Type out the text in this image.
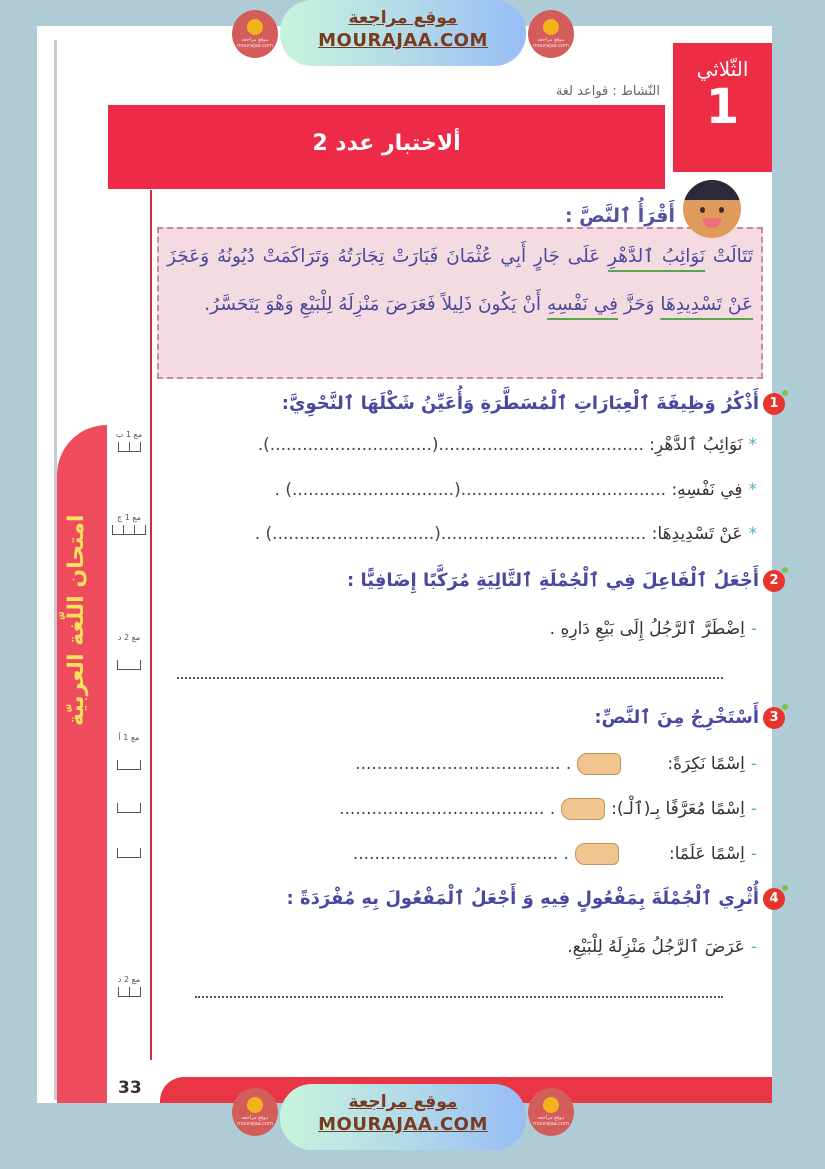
موقع مراجعة mourajaa.com
موقع مراجعة
MOURAJAA.COM	موقع مراجعة mourajaa.com
الثّلاثي
1
النّشاط : قواعد لغة
ألاختبار عدد 2
أَقْرَأُ ٱلنَّصَّ :
تَتَالَتْ نَوَائِبُ ٱلدَّهْرِ عَلَى جَارٍ أَبِي عُثْمَانَ فَبَارَتْ تِجَارَتُهُ وَتَرَاكَمَتْ دُيُونُهُ وَعَجَزَ عَنْ تَسْدِيدِهَا وَحَزَّ فِي نَفْسِهِ أَنْ يَكُونَ ذَلِيلاً فَعَرَضَ مَنْزِلَهُ لِلْبَيْعِ وَهْوَ يَتَحَسَّرُ.
1أَذْكُرُ وَظِيفَةَ ٱلْعِبَارَاتِ ٱلْمُسَطَّرَةِ وَأُعَيِّنُ شَكْلَهَا ٱلنَّحْوِيَّ:
*نَوَائِبُ ٱلدَّهْرِ: ......................................(..............................).
*فِي نَفْسِهِ: ......................................(..............................) .
*عَنْ تَسْدِيدِهَا: ......................................(..............................) .
2أَجْعَلُ ٱلْفَاعِلَ فِي ٱلْجُمْلَةِ ٱلتَّالِيَةِ مُرَكَّبًا إِضَافِيًّا :
-اِضْطَرَّ ٱلرَّجُلُ إِلَى بَيْعِ دَارِهِ .
3أَسْتَخْرِجُ مِنَ ٱلنَّصِّ:
-اِسْمًا نَكِرَةً:. ......................................
-اِسْمًا مُعَرَّفًا بِـ(ٱلْـ):. ......................................
-اِسْمًا عَلَمًا:. ......................................
4أُثْرِي ٱلْجُمْلَةَ بِمَفْعُولٍ فِيهِ وَ أَجْعَلُ ٱلْمَفْعُولَ بِهِ مُفْرَدَةً :
-عَرَضَ ٱلرَّجُلُ مَنْزِلَهُ لِلْبَيْعِ.
امتحان اللّغة العربيّة
مع 1 ب
مع 1 ج
مع 2 د
مع 1 أ
مع 2 د
33
موقع مراجعة mourajaa.com
موقع مراجعة
MOURAJAA.COM	موقع مراجعة mourajaa.com
